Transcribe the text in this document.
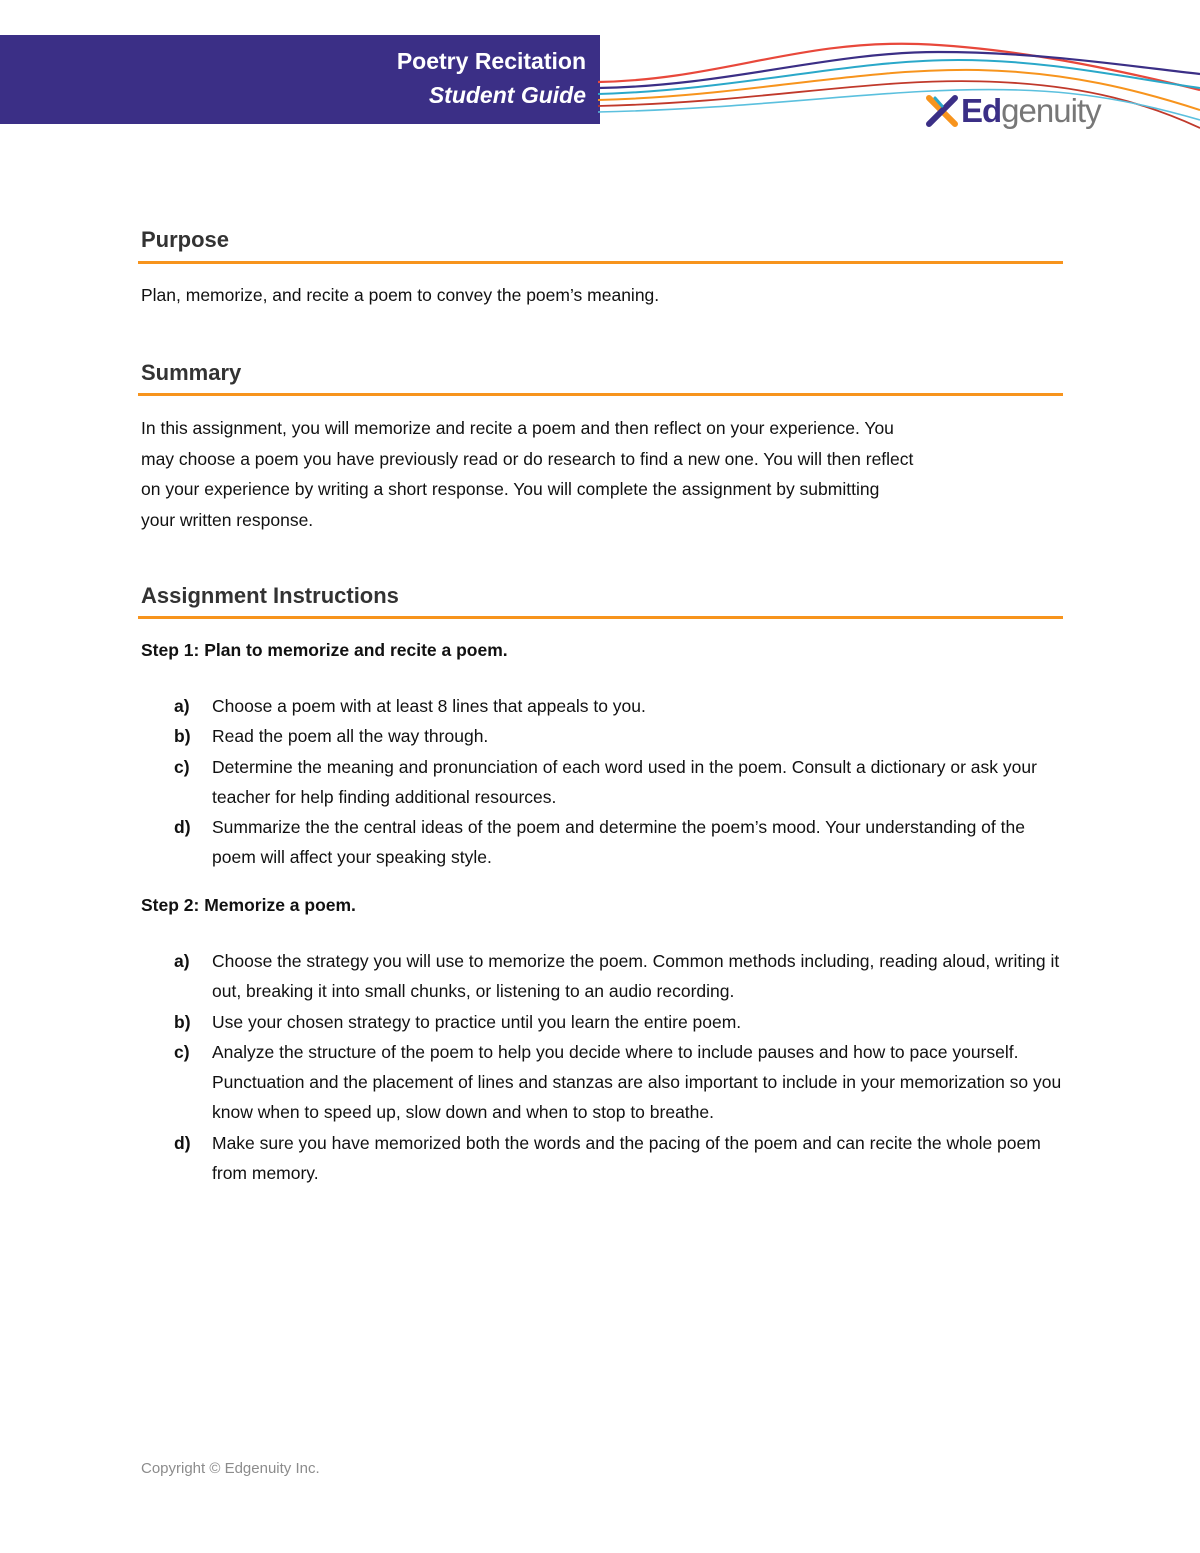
Poetry Recitation
Student Guide	Edgenuity
Purpose
Plan, memorize, and recite a poem to convey the poem’s meaning.
Summary
In this assignment, you will memorize and recite a poem and then reflect on your experience. You
may choose a poem you have previously read or do research to find a new one. You will then reflect
on your experience by writing a short response. You will complete the assignment by submitting
your written response.
Assignment Instructions
Step 1: Plan to memorize and recite a poem.
a) Choose a poem with at least 8 lines that appeals to you.
b) Read the poem all the way through.
c) Determine the meaning and pronunciation of each word used in the poem. Consult a dictionary or ask your teacher for help finding additional resources.
d) Summarize the the central ideas of the poem and determine the poem’s mood. Your understanding of the poem will affect your speaking style.
Step 2: Memorize a poem.
a) Choose the strategy you will use to memorize the poem. Common methods including, reading aloud, writing it out, breaking it into small chunks, or listening to an audio recording.
b) Use your chosen strategy to practice until you learn the entire poem.
c) Analyze the structure of the poem to help you decide where to include pauses and how to pace yourself. Punctuation and the placement of lines and stanzas are also important to include in your memorization so you know when to speed up, slow down and when to stop to breathe.
d) Make sure you have memorized both the words and the pacing of the poem and can recite the whole poem from memory.
Copyright © Edgenuity Inc.
